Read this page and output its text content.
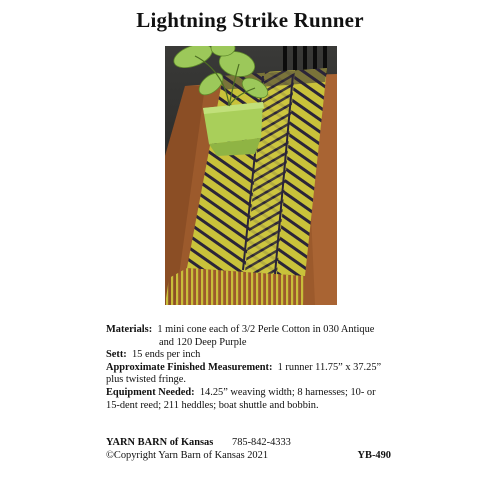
Lightning Strike Runner

Materials: 1 mini cone each of 3/2 Perle Cotton in 030 Antique

and 120 Deep Purple

Sett: 15 ends per inch

Approximate Finished Measurement: 1 runner 11.75” x 37.25”

plus twisted fringe.

Equipment Needed: 14.25” weaving width; 8 harnesses; 10- or

15-dent reed; 211 heddles; boat shuttle and bobbin.

YARN BARN of Kansas 785-842-4333
©Copyright Yarn Barn of Kansas 2021	YB-490
